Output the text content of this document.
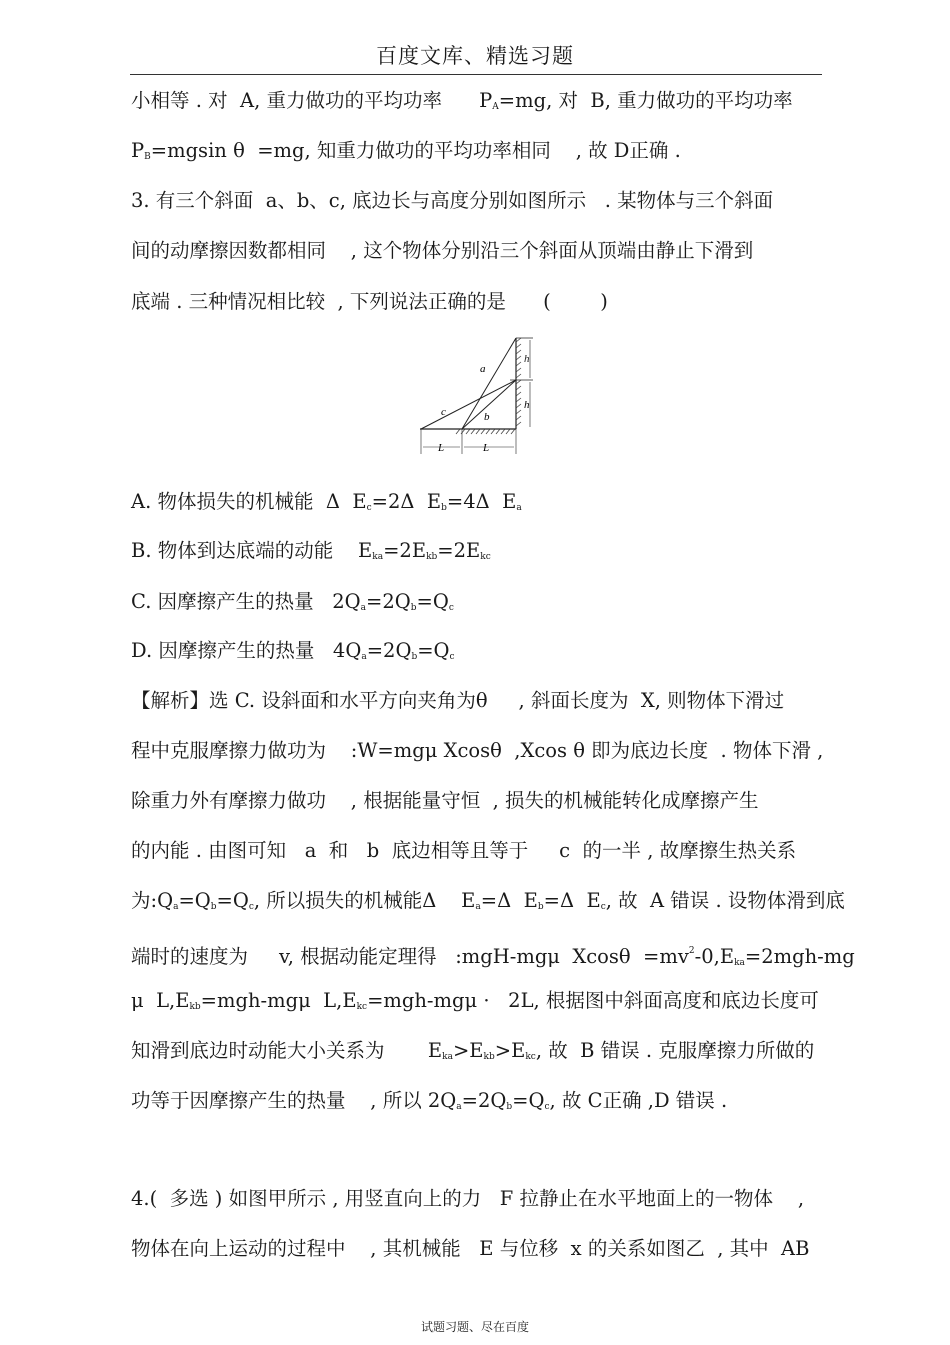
百度文库、精选习题
小相等 . 对  A, 重力做功的平均功率      $P_A=mg$, 对  B, 重力做功的平均功率
$P_B=mgsin$ θ  =mg, 知重力做功的平均功率相同    , 故 D正确 .
3. 有三个斜面  a、b、c, 底边长与高度分别如图所示   . 某物体与三个斜面
间的动摩擦因数都相同    , 这个物体分别沿三个斜面从顶端由静止下滑到
底端 . 三种情况相比较  , 下列说法正确的是      (        )
a
b
c
h
h
L	L
A. 物体损失的机械能  Δ  $E_c=2\Delta$  $E_b=4\Delta$  $E_a$
B. 物体到达底端的动能    $E_{ka}=2E_{kb}=2E_{kc}$
C. 因摩擦产生的热量   $2Q_a=2Q_b=Q_c$
D. 因摩擦产生的热量   $4Q_a=2Q_b=Q_c$
【解析】选 C. 设斜面和水平方向夹角为θ     , 斜面长度为  X, 则物体下滑过
程中克服摩擦力做功为    :W=mgμ Xcosθ  ,Xcos θ 即为底边长度  . 物体下滑 ,
除重力外有摩擦力做功    , 根据能量守恒  , 损失的机械能转化成摩擦产生
的内能 . 由图可知   a  和   b  底边相等且等于     c  的一半 , 故摩擦生热关系
为$:Q_a=Q_b=Q_c$, 所以损失的机械能Δ    $E_a=\Delta$  $E_b=\Delta$  $E_c$, 故  A 错误 . 设物体滑到底
端时的速度为     v, 根据动能定理得   :mgH-mgμ  $Xcos\theta =mv^2-0,E_{ka}=2mgh-mg$
μ  $L,E_{kb}=mgh$-mgμ  $L,E_{kc}=mgh$-mgμ ·   2L, 根据图中斜面高度和底边长度可
知滑到底边时动能大小关系为       $E_{ka}>E_{kb}>E_{kc}$, 故  B 错误 . 克服摩擦力所做的
功等于因摩擦产生的热量    , 所以 $2Q_a=2Q_b=Q_c$, 故 C正确 ,D 错误 .
4.(  多选 ) 如图甲所示 , 用竖直向上的力   F 拉静止在水平地面上的一物体    ,
物体在向上运动的过程中    , 其机械能   E 与位移  x 的关系如图乙  , 其中  AB
试题习题、尽在百度
